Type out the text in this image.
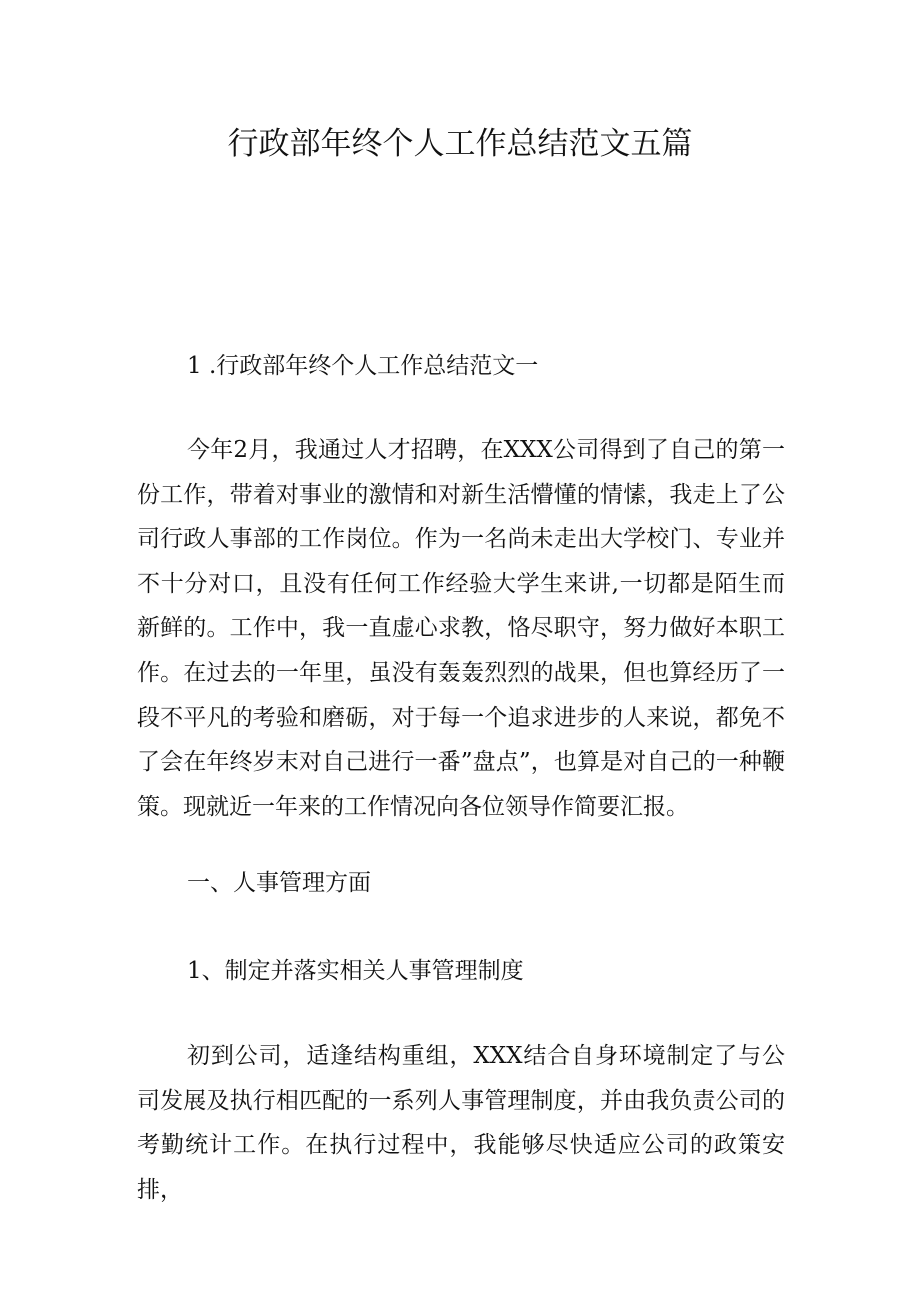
行政部年终个人工作总结范文五篇

1 .行政部年终个人工作总结范文一

今年2月，我通过人才招聘，在XXX公司得到了自己的第一份工作，带着对事业的激情和对新生活懵懂的情愫，我走上了公司行政人事部的工作岗位。作为一名尚未走出大学校门、专业并不十分对口，且没有任何工作经验大学生来讲,一切都是陌生而新鲜的。工作中，我一直虚心求教，恪尽职守，努力做好本职工作。在过去的一年里，虽没有轰轰烈烈的战果，但也算经历了一段不平凡的考验和磨砺，对于每一个追求进步的人来说，都免不了会在年终岁末对自己进行一番”盘点”，也算是对自己的一种鞭策。现就近一年来的工作情况向各位领导作简要汇报。

一、人事管理方面

1、制定并落实相关人事管理制度

初到公司，适逢结构重组，XXX结合自身环境制定了与公司发展及执行相匹配的一系列人事管理制度，并由我负责公司的考勤统计工作。在执行过程中，我能够尽快适应公司的政策安排，
